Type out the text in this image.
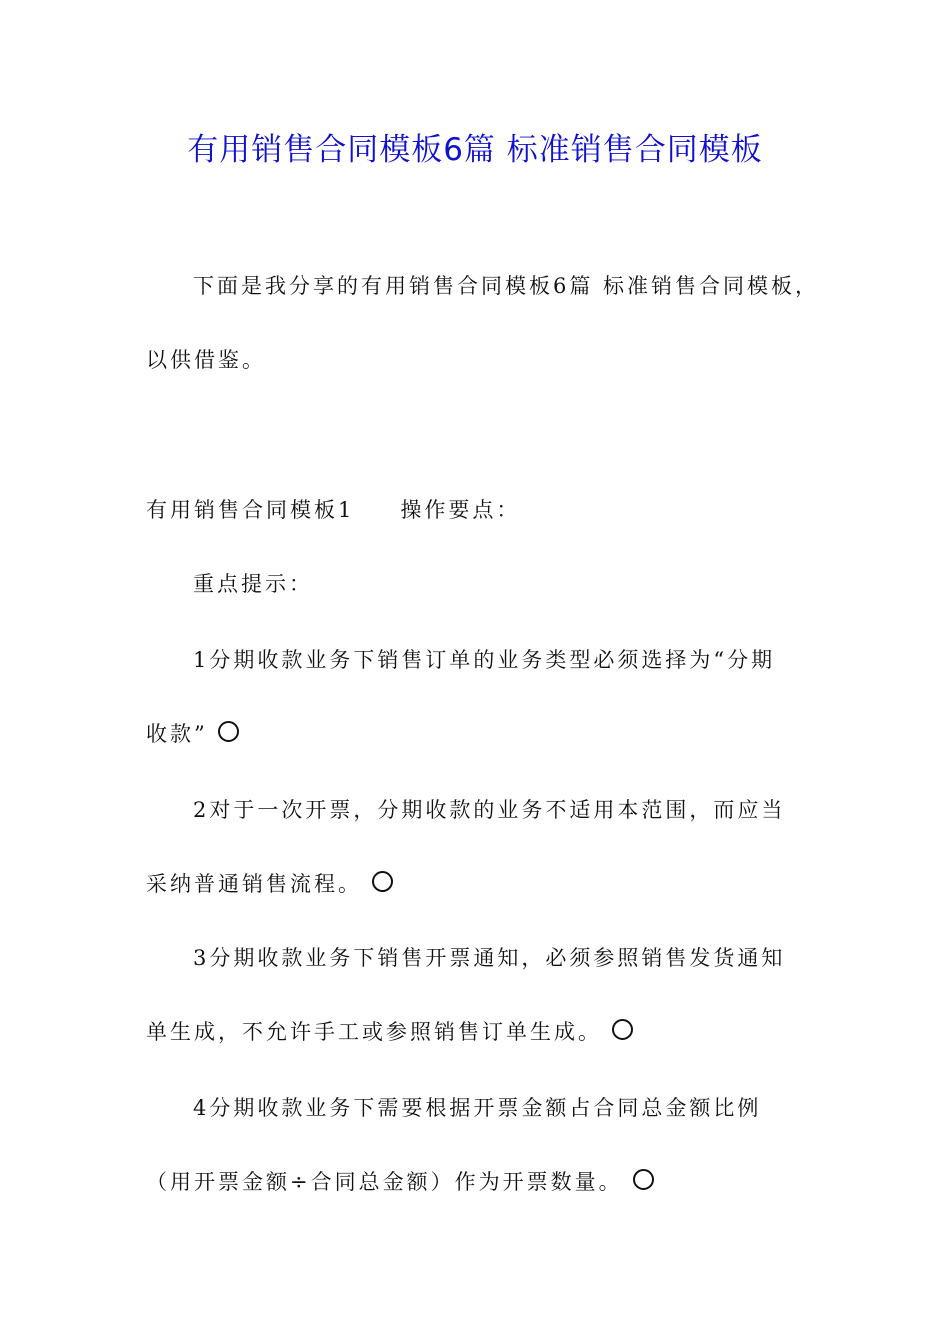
有用销售合同模板6篇 标准销售合同模板
下面是我分享的有用销售合同模板6篇 标准销售合同模板，
以供借鉴。
有用销售合同模板1 操作要点：
重点提示：
1分期收款业务下销售订单的业务类型必须选择为“分期
收款”
2对于一次开票，分期收款的业务不适用本范围，而应当
采纳普通销售流程。
3分期收款业务下销售开票通知，必须参照销售发货通知
单生成，不允许手工或参照销售订单生成。
4分期收款业务下需要根据开票金额占合同总金额比例
（用开票金额÷合同总金额）作为开票数量。
